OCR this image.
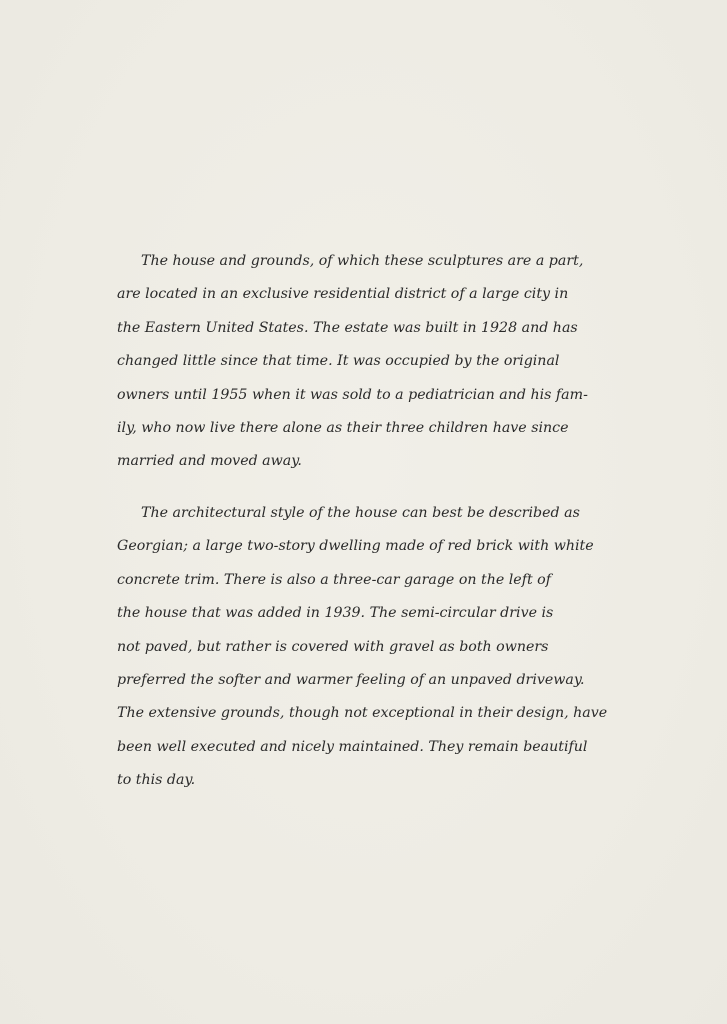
The house and grounds, of which these sculptures are a part,
are located in an exclusive residential district of a large city in
the Eastern United States. The estate was built in 1928 and has
changed little since that time. It was occupied by the original
owners until 1955 when it was sold to a pediatrician and his fam-
ily, who now live there alone as their three children have since
married and moved away.
The architectural style of the house can best be described as
Georgian; a large two-story dwelling made of red brick with white
concrete trim. There is also a three-car garage on the left of
the house that was added in 1939. The semi-circular drive is
not paved, but rather is covered with gravel as both owners
preferred the softer and warmer feeling of an unpaved driveway.
The extensive grounds, though not exceptional in their design, have
been well executed and nicely maintained. They remain beautiful
to this day.
